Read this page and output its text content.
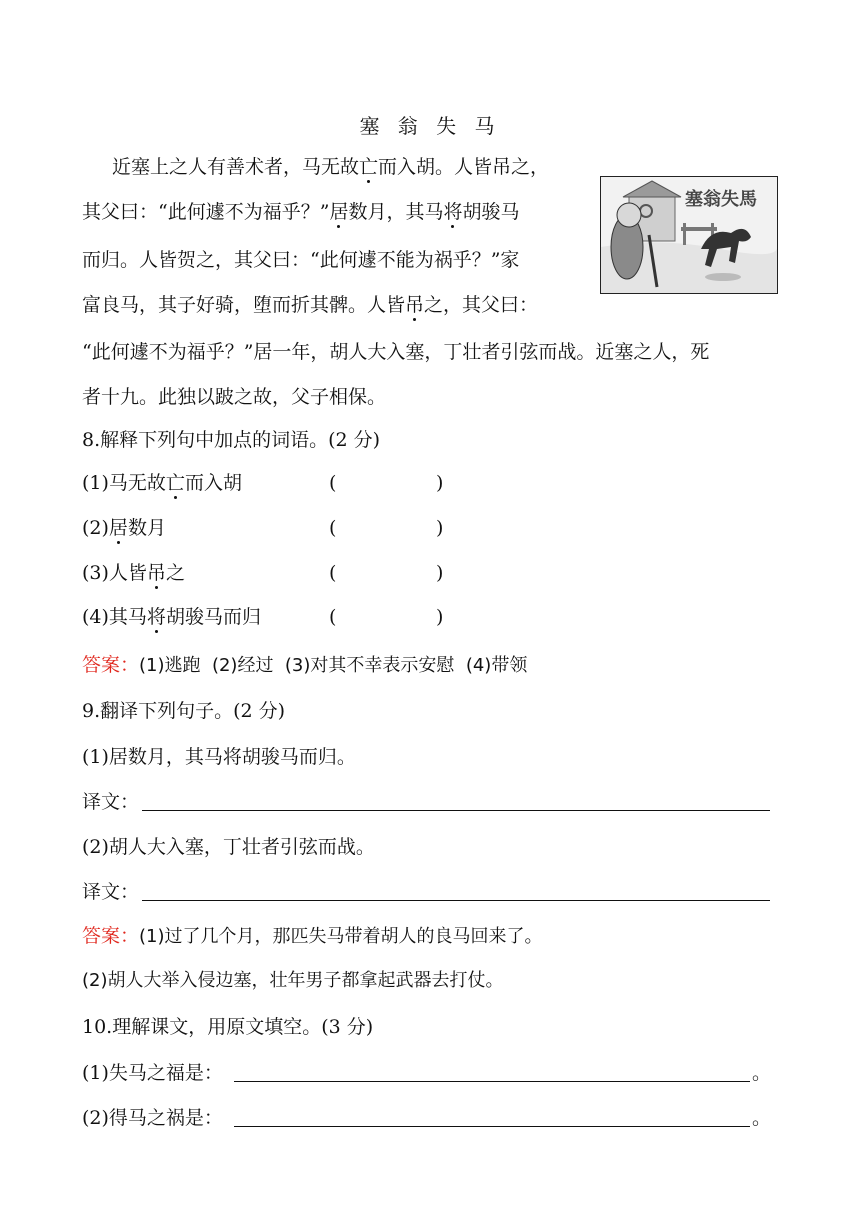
塞 翁 失 马
塞翁失馬
近塞上之人有善术者，马无故亡而入胡。人皆吊之，
其父曰：“此何遽不为福乎？”居数月，其马将胡骏马
而归。人皆贺之，其父曰：“此何遽不能为祸乎？”家
富良马，其子好骑，堕而折其髀。人皆吊之，其父曰：
“此何遽不为福乎？”居一年，胡人大入塞，丁壮者引弦而战。近塞之人，死
者十九。此独以跛之故，父子相保。
8.解释下列句中加点的词语。(2 分)
(1)马无故亡而入胡	(	)
(2)居数月	(	)
(3)人皆吊之	(	)
(4)其马将胡骏马而归	(	)
答案：(1)逃跑  (2)经过  (3)对其不幸表示安慰  (4)带领
9.翻译下列句子。(2 分)
(1)居数月，其马将胡骏马而归。
译文：
(2)胡人大入塞，丁壮者引弦而战。
译文：
答案：(1)过了几个月，那匹失马带着胡人的良马回来了。
(2)胡人大举入侵边塞，壮年男子都拿起武器去打仗。
10.理解课文，用原文填空。(3 分)
(1)失马之福是：	。
(2)得马之祸是：	。
